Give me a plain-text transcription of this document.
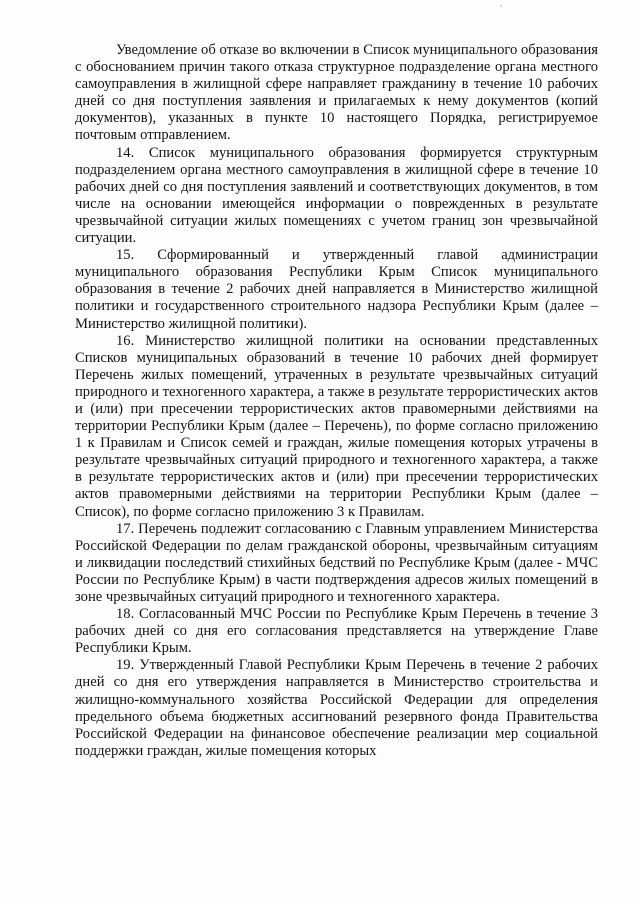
Уведомление об отказе во включении в Список муниципального образования с обоснованием причин такого отказа структурное подразделение органа местного самоуправления в жилищной сфере направляет гражданину в течение 10 рабочих дней со дня поступления заявления и прилагаемых к нему документов (копий документов), указанных в пункте 10 настоящего Порядка, регистрируемое почтовым отправлением.

14. Список муниципального образования формируется структурным подразделением органа местного самоуправления в жилищной сфере в течение 10 рабочих дней со дня поступления заявлений и соответствующих документов, в том числе на основании имеющейся информации о поврежденных в результате чрезвычайной ситуации жилых помещениях с учетом границ зон чрезвычайной ситуации.

15. Сформированный и утвержденный главой администрации муниципального образования Республики Крым Список муниципального образования в течение 2 рабочих дней направляется в Министерство жилищной политики и государственного строительного надзора Республики Крым (далее – Министерство жилищной политики).

16. Министерство жилищной политики на основании представленных Списков муниципальных образований в течение 10 рабочих дней формирует Перечень жилых помещений, утраченных в результате чрезвычайных ситуаций природного и техногенного характера, а также в результате террористических актов и (или) при пресечении террористических актов правомерными действиями на территории Республики Крым (далее – Перечень), по форме согласно приложению 1 к Правилам и Список семей и граждан, жилые помещения которых утрачены в результате чрезвычайных ситуаций природного и техногенного характера, а также в результате террористических актов и (или) при пресечении террористических актов правомерными действиями на территории Республики Крым (далее – Список), по форме согласно приложению 3 к Правилам.

17. Перечень подлежит согласованию с Главным управлением Министерства Российской Федерации по делам гражданской обороны, чрезвычайным ситуациям и ликвидации последствий стихийных бедствий по Республике Крым (далее - МЧС России по Республике Крым) в части подтверждения адресов жилых помещений в зоне чрезвычайных ситуаций природного и техногенного характера.

18. Согласованный МЧС России по Республике Крым Перечень в течение 3 рабочих дней со дня его согласования представляется на утверждение Главе Республики Крым.

19. Утвержденный Главой Республики Крым Перечень в течение 2 рабочих дней со дня его утверждения направляется в Министерство строительства и жилищно-коммунального хозяйства Российской Федерации для определения предельного объема бюджетных ассигнований резервного фонда Правительства Российской Федерации на финансовое обеспечение реализации мер социальной поддержки граждан, жилые помещения которых
